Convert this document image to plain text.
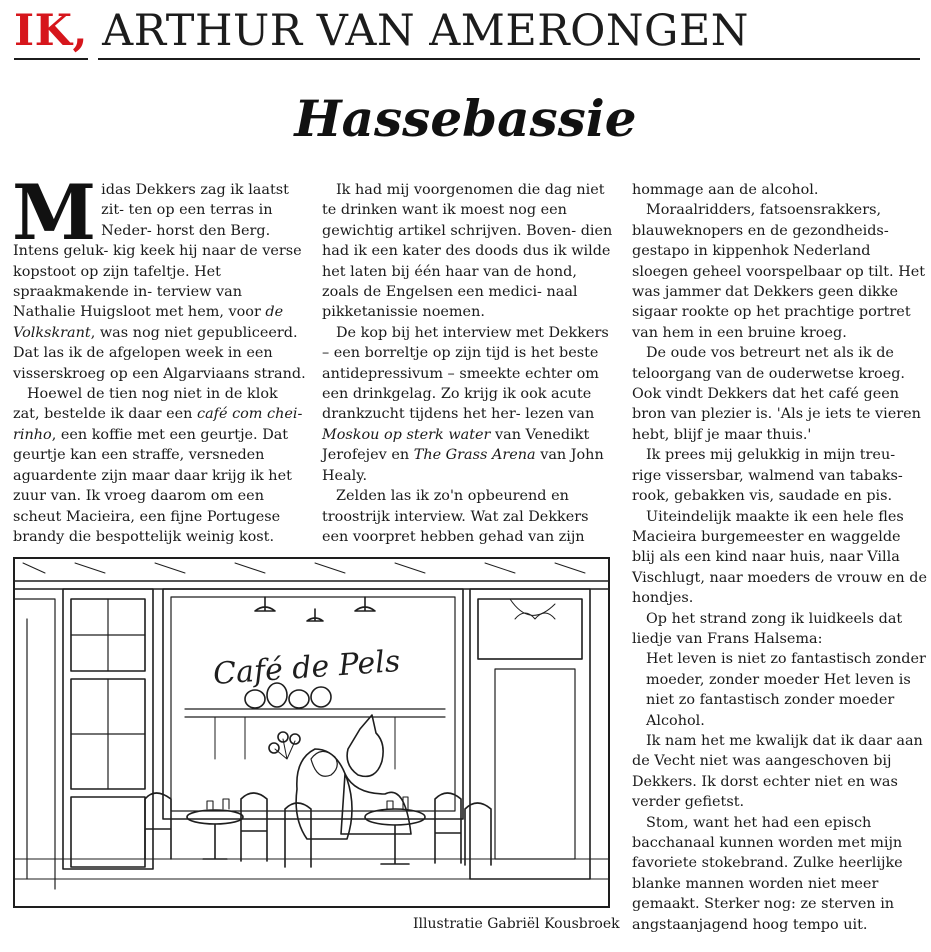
IK, ARTHUR VAN AMERONGEN
Hassebassie

Midas Dekkers zag ik laatst zit- ten op een terras in Neder- horst den Berg. Intens geluk- kig keek hij naar de verse kopstoot op zijn tafeltje. Het spraakmakende in- terview van Nathalie Huigsloot met hem, voor de Volkskrant, was nog niet gepubliceerd. Dat las ik de afgelopen week in een visserskroeg op een Algarviaans strand.

Hoewel de tien nog niet in de klok zat, bestelde ik daar een café com chei- rinho, een koffie met een geurtje. Dat geurtje kan een straffe, versneden aguardente zijn maar daar krijg ik het zuur van. Ik vroeg daarom om een scheut Macieira, een fijne Portugese brandy die bespottelijk weinig kost.

Ik had mij voorgenomen die dag niet te drinken want ik moest nog een gewichtig artikel schrijven. Boven- dien had ik een kater des doods dus ik wilde het laten bij één haar van de hond, zoals de Engelsen een medici- naal pikketanissie noemen.

De kop bij het interview met Dekkers – een borreltje op zijn tijd is het beste antidepressivum – smeekte echter om een drinkgelag. Zo krijg ik ook acute drankzucht tijdens het her- lezen van Moskou op sterk water van Venedikt Jerofejev en The Grass Arena van John Healy.

Zelden las ik zo'n opbeurend en troostrijk interview. Wat zal Dekkers een voorpret hebben gehad van zijn

hommage aan de alcohol.

Moraalridders, fatsoensrakkers, blauweknopers en de gezondheids- gestapo in kippenhok Nederland sloegen geheel voorspelbaar op tilt. Het was jammer dat Dekkers geen dikke sigaar rookte op het prachtige portret van hem in een bruine kroeg.

De oude vos betreurt net als ik de teloorgang van de ouderwetse kroeg. Ook vindt Dekkers dat het café geen bron van plezier is. 'Als je iets te vieren hebt, blijf je maar thuis.'

Ik prees mij gelukkig in mijn treu- rige vissersbar, walmend van tabaks- rook, gebakken vis, saudade en pis.

Uiteindelijk maakte ik een hele fles Macieira burgemeester en waggelde blij als een kind naar huis, naar Villa Vischlugt, naar moeders de vrouw en de hondjes.

Op het strand zong ik luidkeels dat liedje van Frans Halsema:

Het leven is niet zo fantastisch zonder moeder, zonder moeder Het leven is niet zo fantastisch zonder moeder Alcohol.

Ik nam het me kwalijk dat ik daar aan de Vecht niet was aangeschoven bij Dekkers. Ik dorst echter niet en was verder gefietst.

Stom, want het had een episch bacchanaal kunnen worden met mijn favoriete stokebrand. Zulke heerlijke blanke mannen worden niet meer gemaakt. Sterker nog: ze sterven in angstaanjagend hoog tempo uit.

Café de Pels
Illustratie Gabriël Kousbroek
